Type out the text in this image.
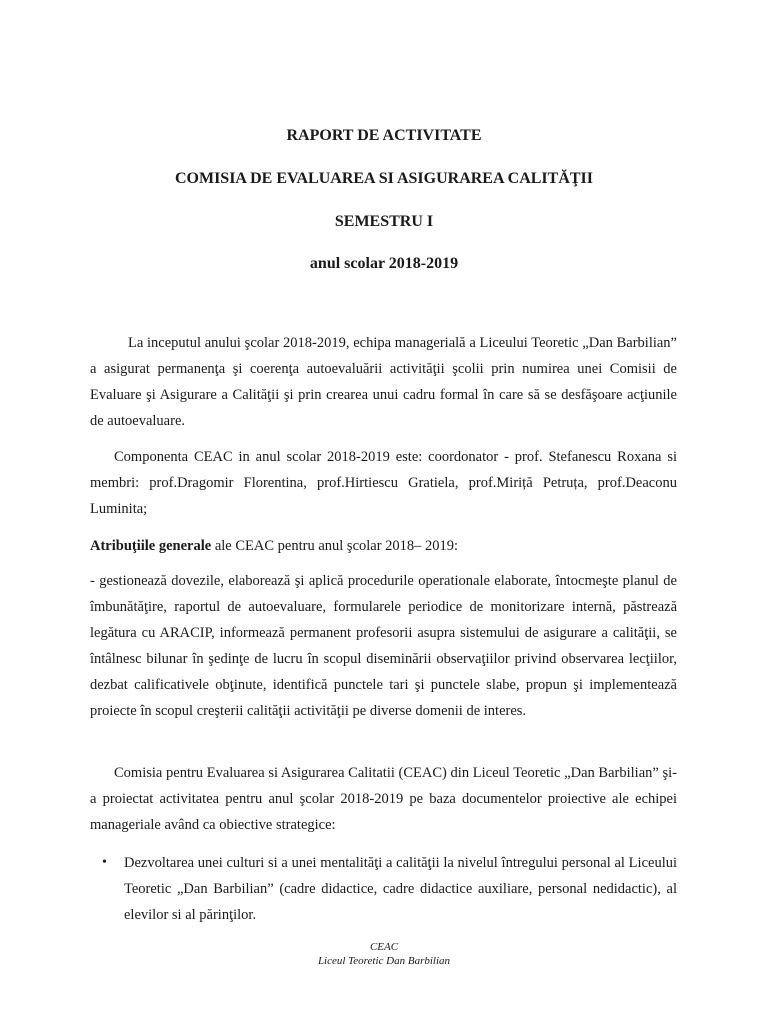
RAPORT DE ACTIVITATE
COMISIA DE EVALUAREA SI ASIGURAREA CALITĂŢII
SEMESTRU I
anul scolar 2018-2019

La inceputul anului şcolar 2018-2019, echipa managerială a Liceului Teoretic „Dan Barbilian” a asigurat permanenţa şi coerenţa autoevaluării activităţii şcolii prin numirea unei Comisii de Evaluare şi Asigurare a Calităţii şi prin crearea unui cadru formal în care să se desfăşoare acţiunile de autoevaluare.

Componenta CEAC in anul scolar 2018-2019 este: coordonator - prof. Stefanescu Roxana si membri: prof.Dragomir Florentina, prof.Hirtiescu Gratiela, prof.Miriță Petruța, prof.Deaconu Luminita;

Atribuţiile generale ale CEAC pentru anul şcolar 2018– 2019:

- gestionează dovezile, elaborează şi aplică procedurile operationale elaborate, întocmeşte planul de îmbunătăţire, raportul de autoevaluare, formularele periodice de monitorizare internă, păstrează legătura cu ARACIP, informează permanent profesorii asupra sistemului de asigurare a calităţii, se întâlnesc bilunar în şedinţe de lucru în scopul diseminării observaţiilor privind observarea lecţiilor, dezbat calificativele obţinute, identifică punctele tari şi punctele slabe, propun şi implementează proiecte în scopul creşterii calităţii activităţii pe diverse domenii de interes.

Comisia pentru Evaluarea si Asigurarea Calitatii (CEAC) din Liceul Teoretic „Dan Barbilian” şi-a proiectat activitatea pentru anul şcolar 2018-2019 pe baza documentelor proiective ale echipei manageriale având ca obiective strategice:

• Dezvoltarea unei culturi si a unei mentalităţi a calităţii la nivelul întregului personal al Liceului Teoretic „Dan Barbilian” (cadre didactice, cadre didactice auxiliare, personal nedidactic), al elevilor si al părinţilor.
CEAC
Liceul Teoretic Dan Barbilian
